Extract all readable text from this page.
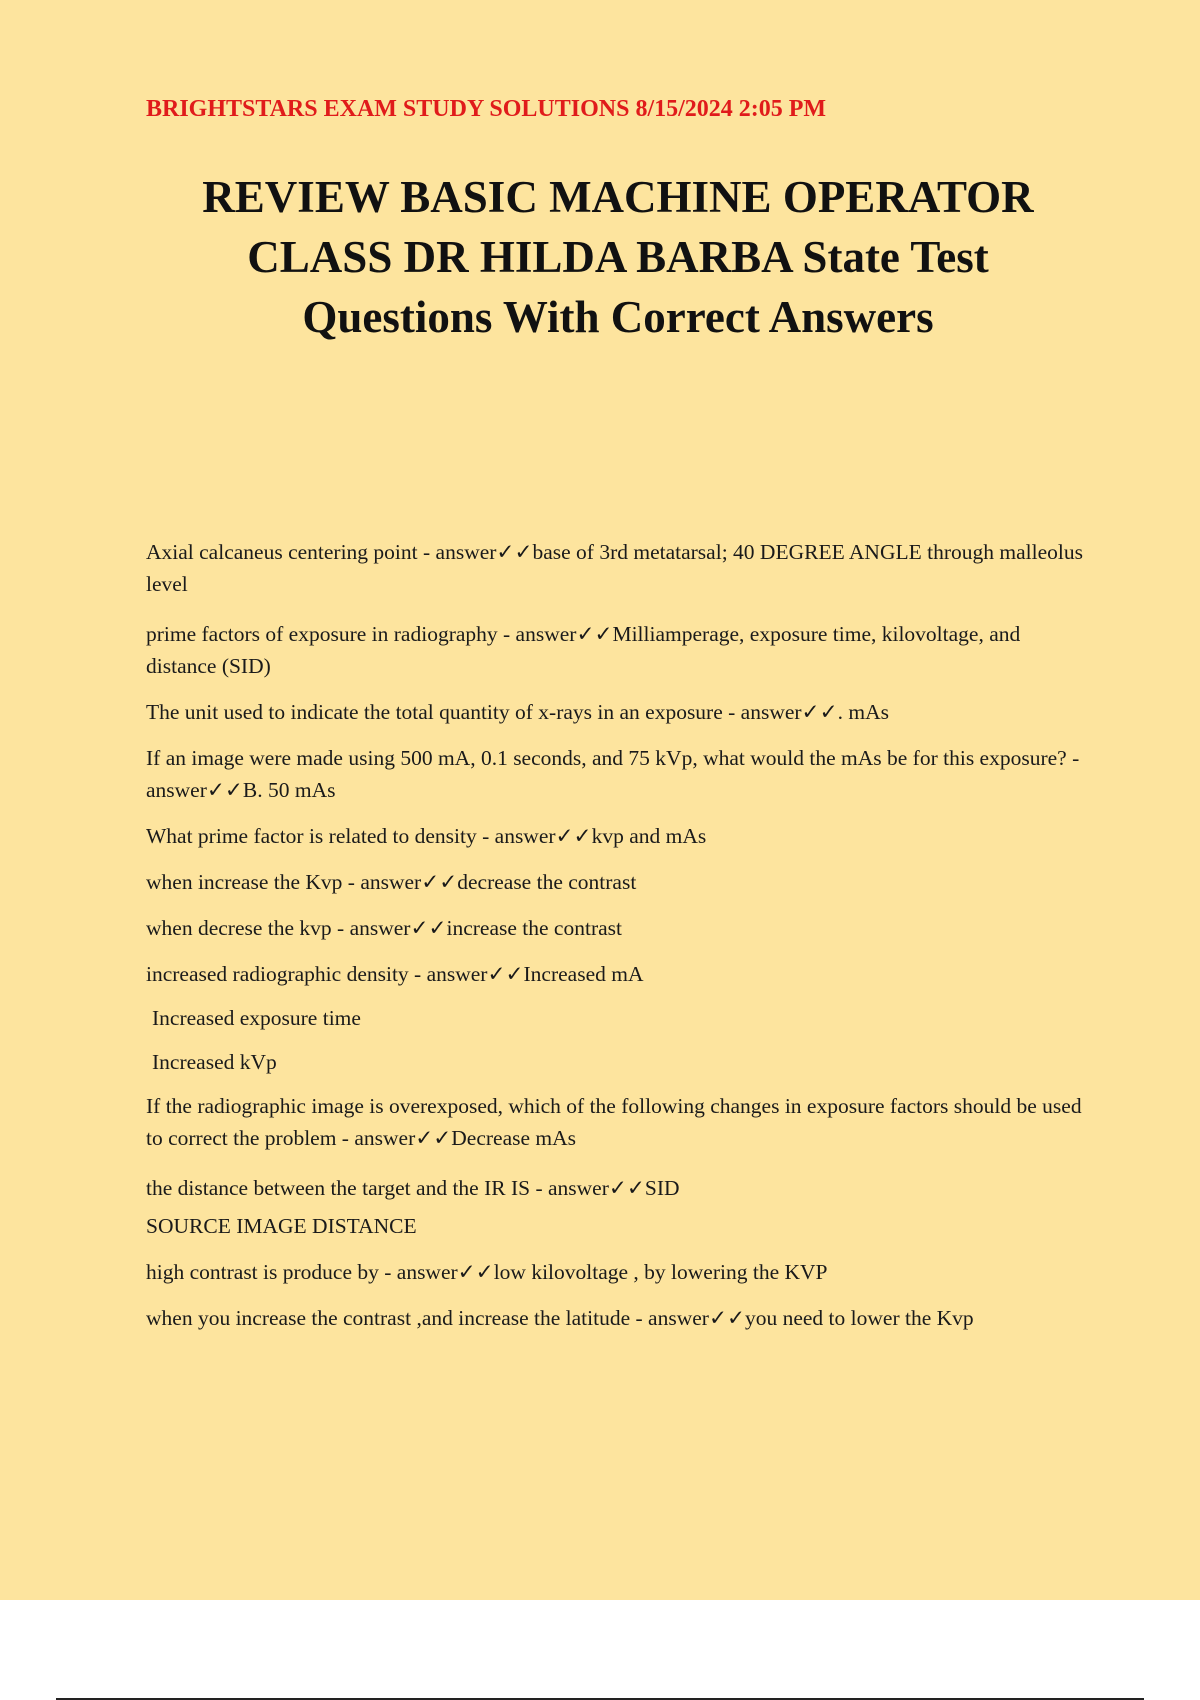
BRIGHTSTARS EXAM STUDY SOLUTIONS 8/15/2024 2:05 PM
REVIEW BASIC MACHINE OPERATOR
CLASS DR HILDA BARBA State Test
Questions With Correct Answers
Axial calcaneus centering point - answer✓✓base of 3rd metatarsal; 40 DEGREE ANGLE through malleolus level
prime factors of exposure in radiography - answer✓✓Milliamperage, exposure time, kilovoltage, and distance (SID)
The unit used to indicate the total quantity of x-rays in an exposure - answer✓✓. mAs
If an image were made using 500 mA, 0.1 seconds, and 75 kVp, what would the mAs be for this exposure? - answer✓✓B. 50 mAs
What prime factor is related to density - answer✓✓kvp and mAs
when increase the Kvp - answer✓✓decrease the contrast
when decrese the kvp - answer✓✓increase the contrast
increased radiographic density - answer✓✓Increased mA
Increased exposure time
Increased kVp
If the radiographic image is overexposed, which of the following changes in exposure factors should be used to correct the problem - answer✓✓Decrease mAs
the distance between the target and the IR IS - answer✓✓SID
SOURCE IMAGE DISTANCE
high contrast is produce by - answer✓✓low kilovoltage , by lowering the KVP
when you increase the contrast ,and increase the latitude - answer✓✓you need to lower the Kvp
